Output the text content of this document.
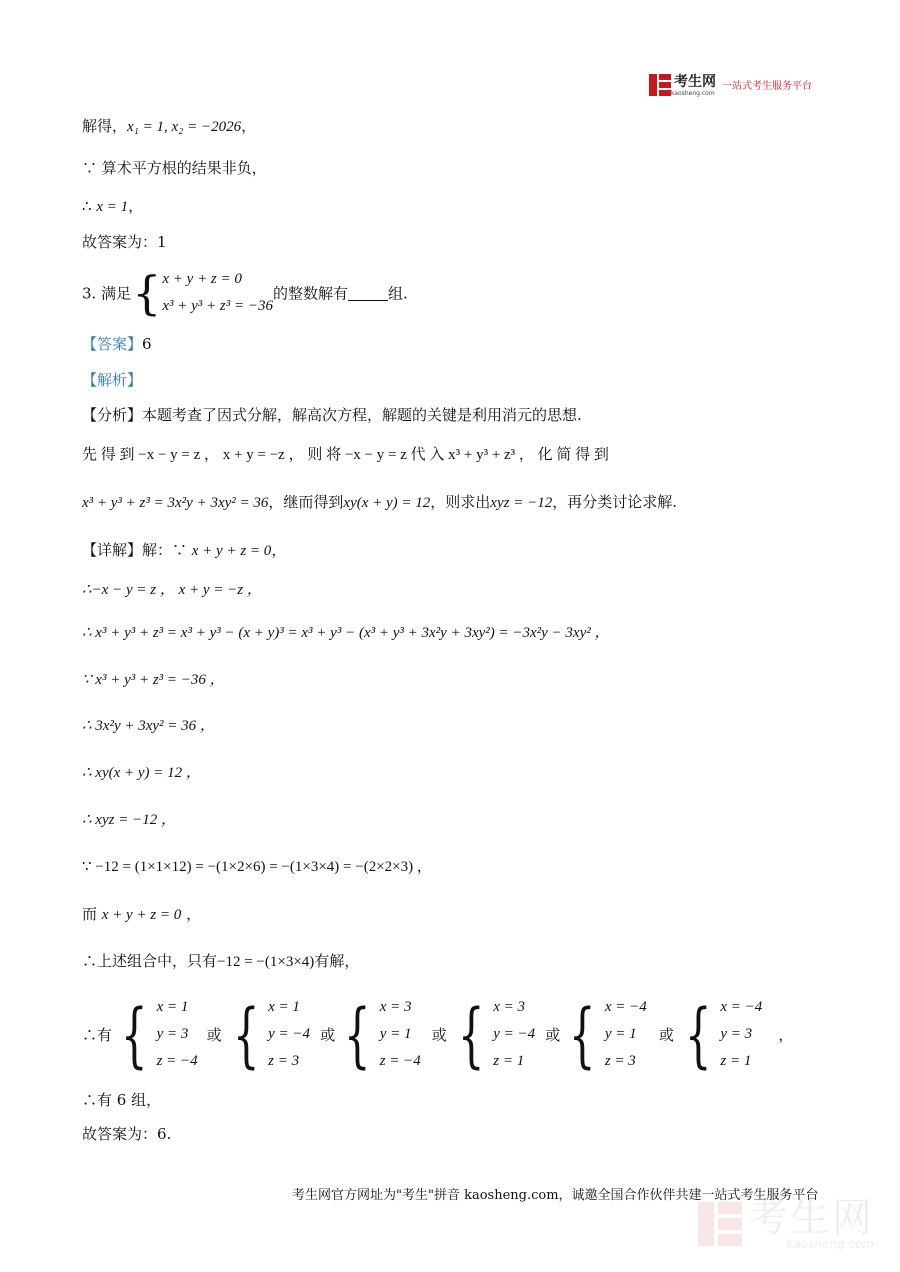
考生网
kaosheng.com
一站式考生服务平台
解得，x₁ = 1, x₂ = −2026，
∵ 算术平方根的结果非负，
∴ x = 1，
故答案为：1
3. 满足{ x + y + z = 0
x³ + y³ + z³ = −36
的整数解有	组.
【答案】6
【解析】
【分析】本题考查了因式分解，解高次方程，解题的关键是利用消元的思想.
先 得 到 −x − y = z ， x + y = −z ， 则 将 −x − y = z 代 入 x³ + y³ + z³ ， 化 简 得 到
x³ + y³ + z³ = 3x²y + 3xy² = 36，继而得到xy(x + y) = 12，则求出xyz = −12，再分类讨论求解.
【详解】解：∵ x + y + z = 0，
∴−x − y = z ， x + y = −z ，
∴ x³ + y³ + z³ = x³ + y³ − (x + y)³ = x³ + y³ − (x³ + y³ + 3x²y + 3xy²) = −3x²y − 3xy² ，
∵ x³ + y³ + z³ = −36 ，
∴ 3x²y + 3xy² = 36 ，
∴ xy(x + y) = 12 ，
∴ xyz = −12 ，
∵ −12 = (1×1×12) = −(1×2×6) = −(1×3×4) = −(2×2×3) ，
而 x + y + z = 0 ，
∴上述组合中，只有−12 = −(1×3×4)有解，
∴有 { x = 1
y = 3
z = −4
或 { x = 1
y = −4
z = 3
或 { x = 3
y = 1
z = −4
或 { x = 3
y = −4
z = 1
或 { x = −4
y = 1
z = 3
或 { x = −4
y = 3
z = 1
，
∴有 6 组，
故答案为：6.
考生网官方网址为"考生"拼音 kaosheng.com，诚邀全国合作伙伴共建一站式考生服务平台
考生网
kaosheng.com
